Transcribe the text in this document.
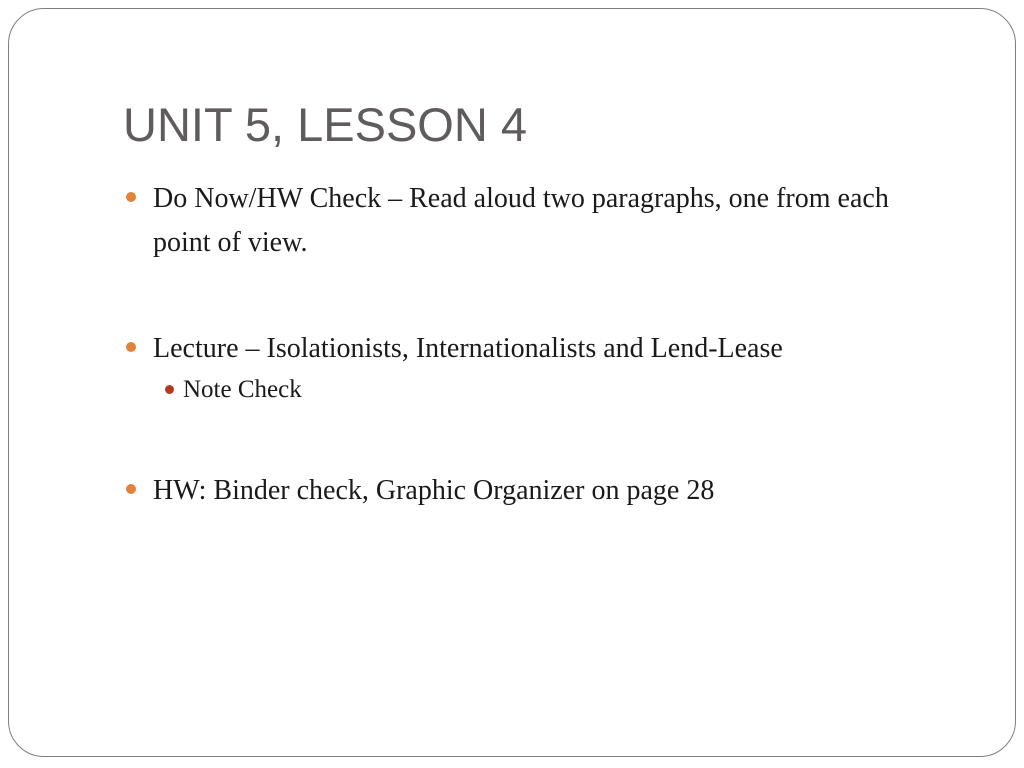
UNIT 5, LESSON 4
Do Now/HW Check – Read aloud two paragraphs, one from each point of view.
Lecture – Isolationists, Internationalists and Lend-Lease
Note Check
HW: Binder check, Graphic Organizer on page 28
